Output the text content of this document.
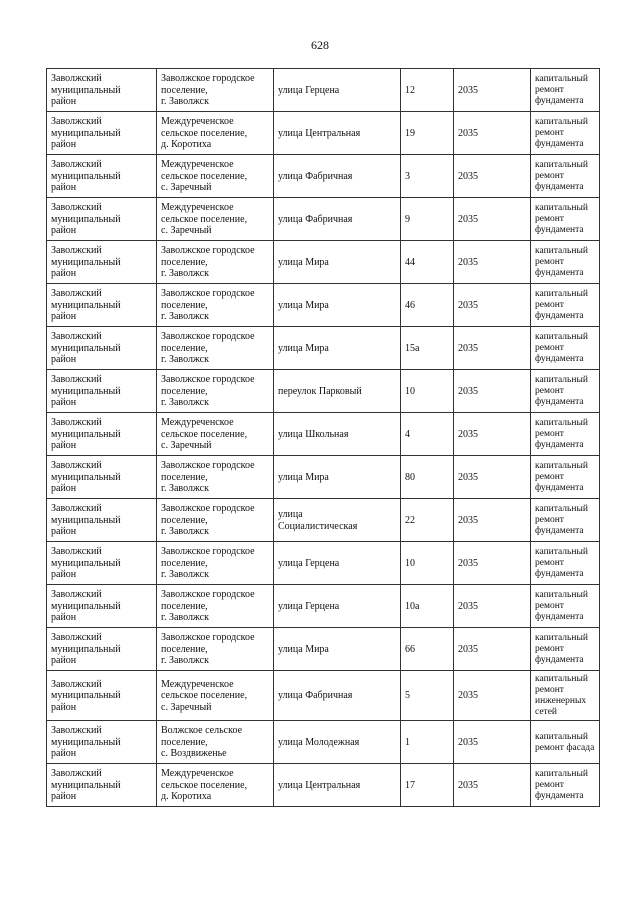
628
Заволжский
муниципальный
район	Заволжское городское
поселение,
г. Заволжск	улица Герцена	12	2035	капитальный
ремонт
фундамента

Заволжский
муниципальный
район	Междуреченское
сельское поселение,
д. Коротиха	улица Центральная	19	2035	капитальный
ремонт
фундамента

Заволжский
муниципальный
район	Междуреченское
сельское поселение,
с. Заречный	улица Фабричная	3	2035	капитальный
ремонт
фундамента

Заволжский
муниципальный
район	Междуреченское
сельское поселение,
с. Заречный	улица Фабричная	9	2035	капитальный
ремонт
фундамента

Заволжский
муниципальный
район	Заволжское городское
поселение,
г. Заволжск	улица Мира	44	2035	капитальный
ремонт
фундамента

Заволжский
муниципальный
район	Заволжское городское
поселение,
г. Заволжск	улица Мира	46	2035	капитальный
ремонт
фундамента

Заволжский
муниципальный
район	Заволжское городское
поселение,
г. Заволжск	улица Мира	15а	2035	капитальный
ремонт
фундамента

Заволжский
муниципальный
район	Заволжское городское
поселение,
г. Заволжск	переулок Парковый	10	2035	капитальный
ремонт
фундамента

Заволжский
муниципальный
район	Междуреченское
сельское поселение,
с. Заречный	улица Школьная	4	2035	капитальный
ремонт
фундамента

Заволжский
муниципальный
район	Заволжское городское
поселение,
г. Заволжск	улица Мира	80	2035	капитальный
ремонт
фундамента

Заволжский
муниципальный
район	Заволжское городское
поселение,
г. Заволжск	улица
Социалистическая	22	2035	капитальный
ремонт
фундамента

Заволжский
муниципальный
район	Заволжское городское
поселение,
г. Заволжск	улица Герцена	10	2035	капитальный
ремонт
фундамента

Заволжский
муниципальный
район	Заволжское городское
поселение,
г. Заволжск	улица Герцена	10а	2035	капитальный
ремонт
фундамента

Заволжский
муниципальный
район	Заволжское городское
поселение,
г. Заволжск	улица Мира	66	2035	капитальный
ремонт
фундамента

Заволжский
муниципальный
район	Междуреченское
сельское поселение,
с. Заречный	улица Фабричная	5	2035	капитальный
ремонт
инженерных
сетей

Заволжский
муниципальный
район	Волжское сельское
поселение,
с. Воздвиженье	улица Молодежная	1	2035	капитальный
ремонт фасада

Заволжский
муниципальный
район	Междуреченское
сельское поселение,
д. Коротиха	улица Центральная	17	2035	капитальный
ремонт
фундамента
